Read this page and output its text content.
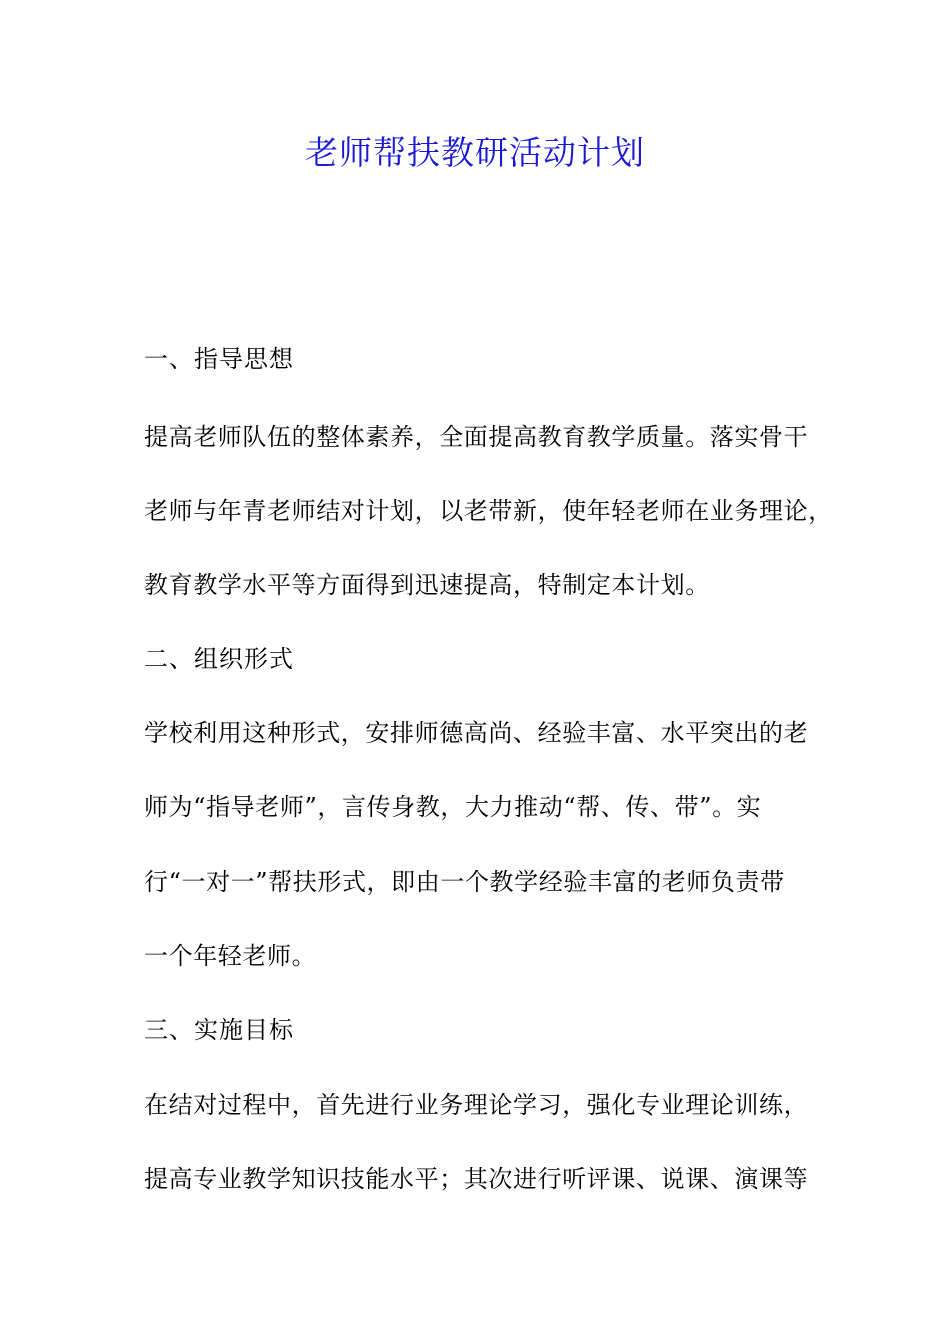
老师帮扶教研活动计划
一、指导思想
提高老师队伍的整体素养，全面提高教育教学质量。落实骨干
老师与年青老师结对计划，以老带新，使年轻老师在业务理论，
教育教学水平等方面得到迅速提高，特制定本计划。
二、组织形式
学校利用这种形式，安排师德高尚、经验丰富、水平突出的老
师为“指导老师”，言传身教，大力推动“帮、传、带”。实
行“一对一”帮扶形式，即由一个教学经验丰富的老师负责带
一个年轻老师。
三、实施目标
在结对过程中，首先进行业务理论学习，强化专业理论训练，
提高专业教学知识技能水平；其次进行听评课、说课、演课等
